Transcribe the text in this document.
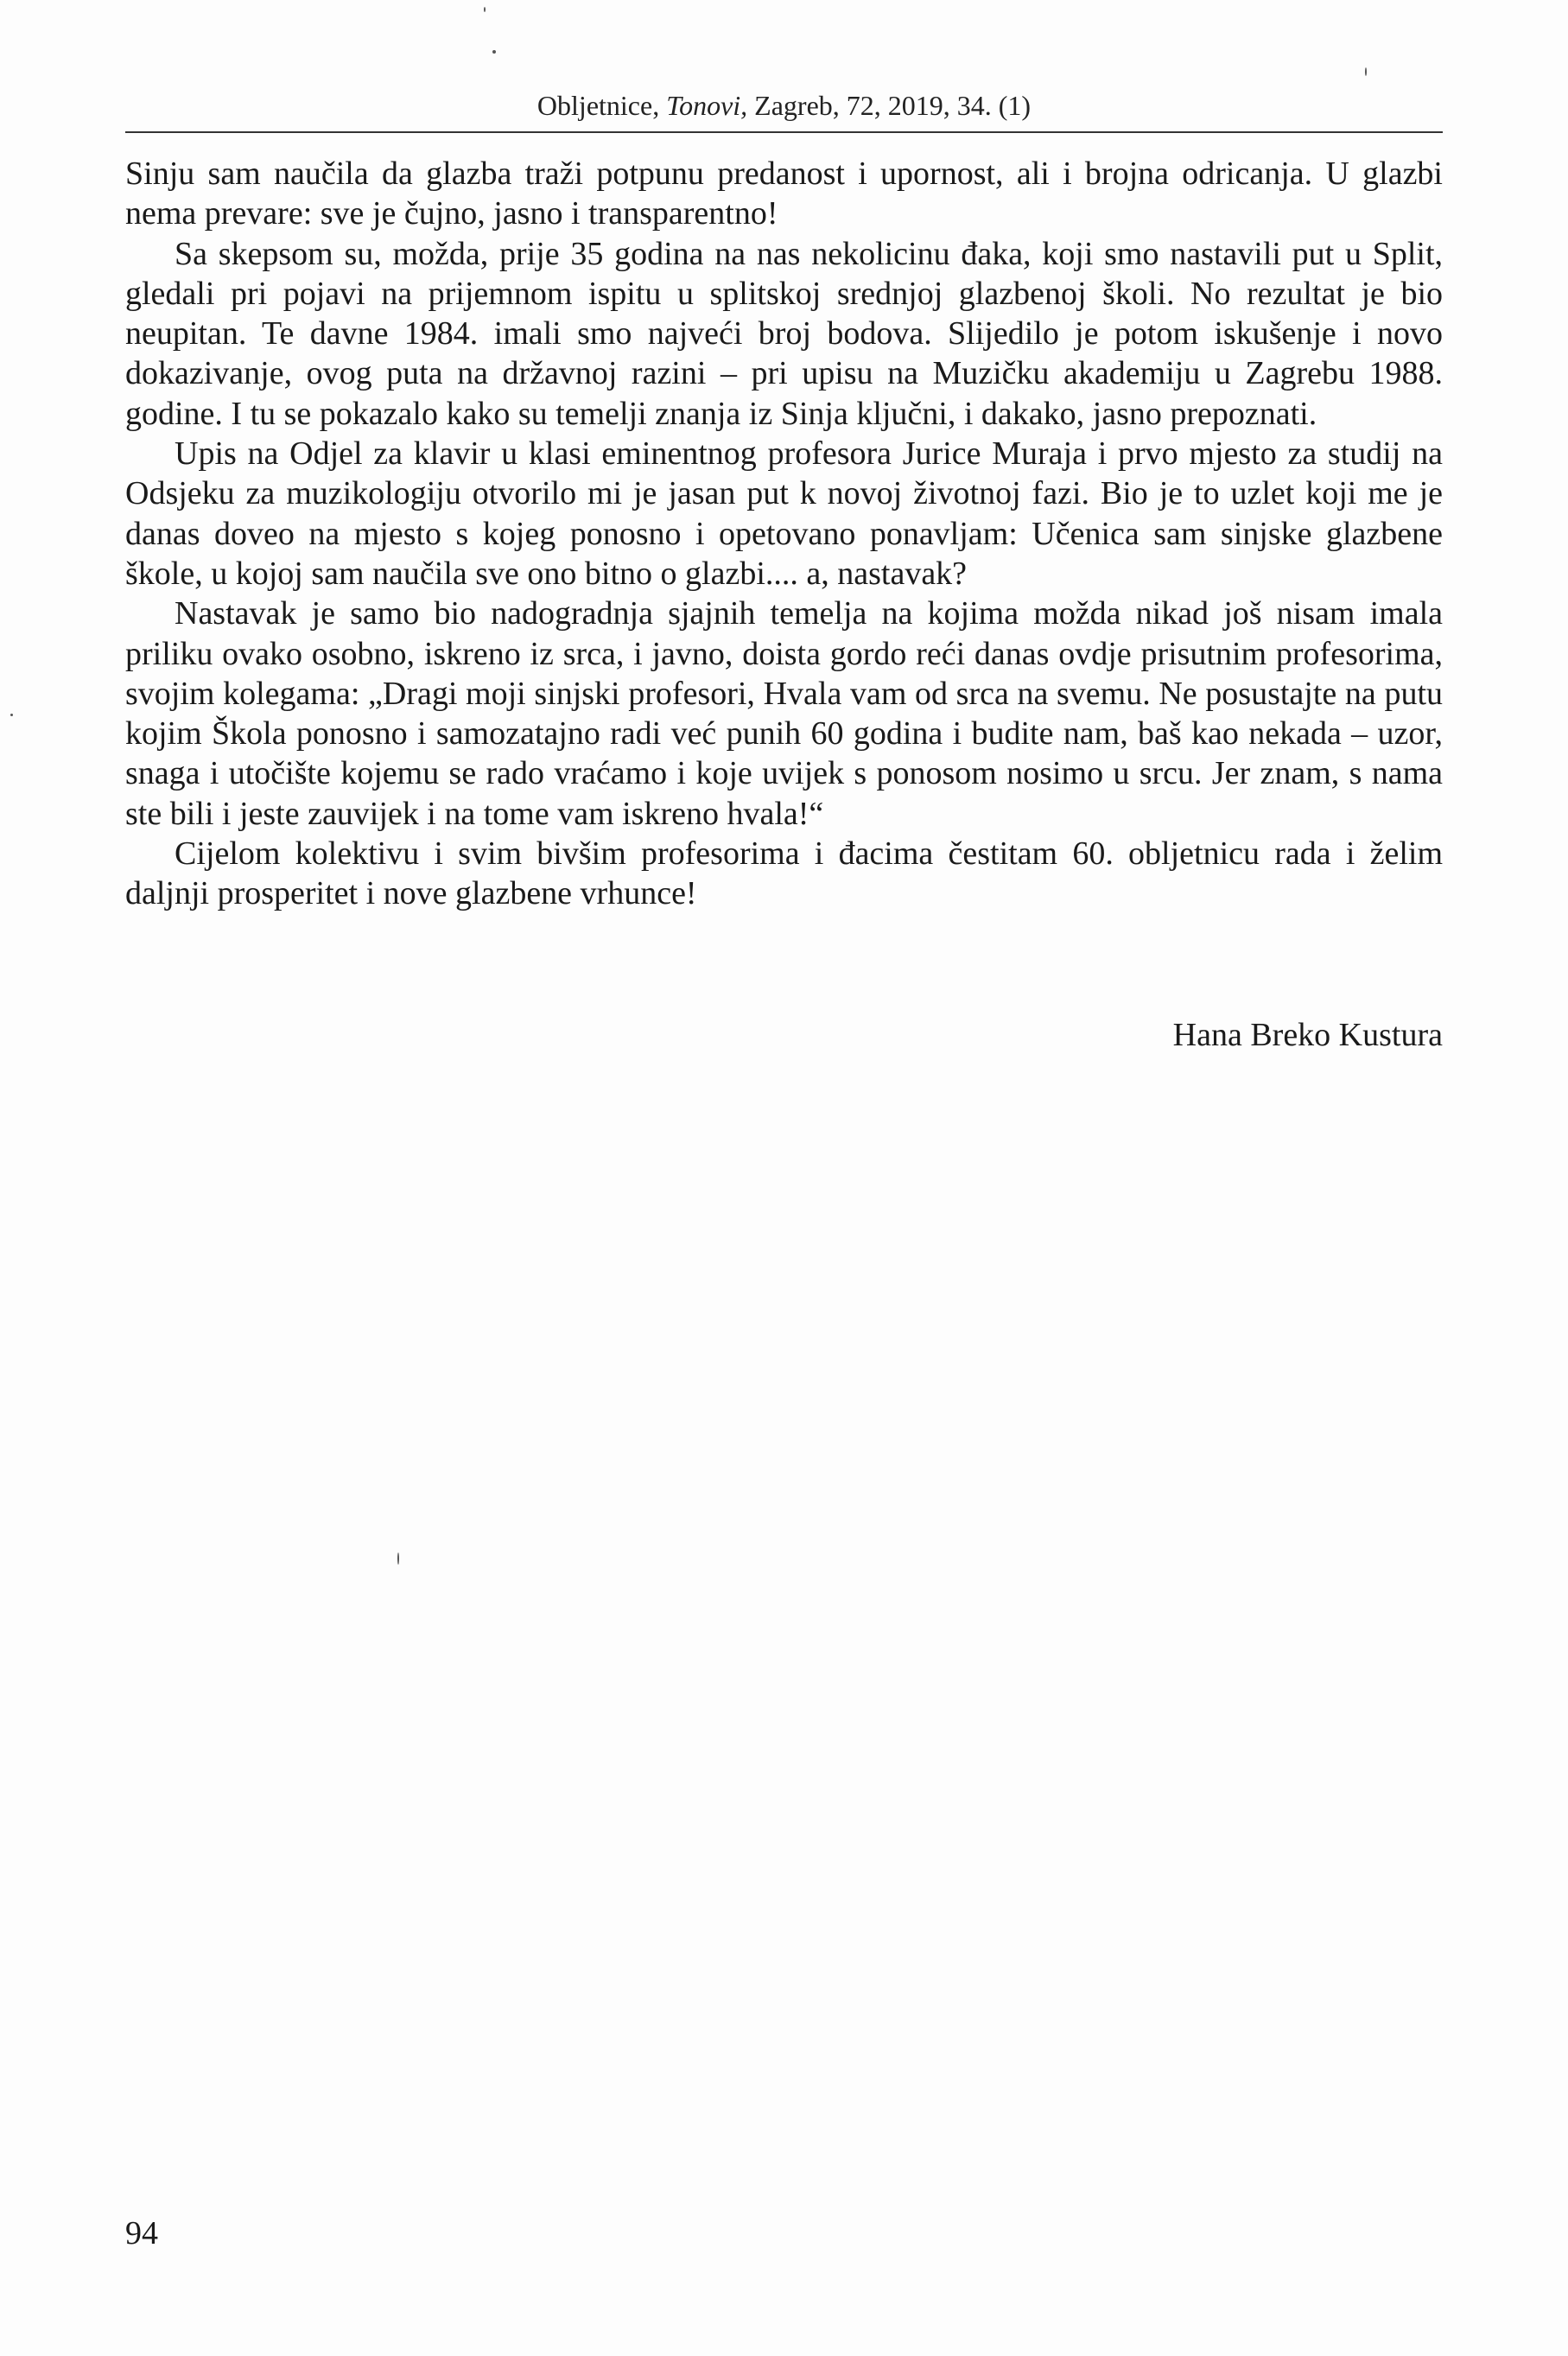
Obljetnice, Tonovi, Zagreb, 72, 2019, 34. (1)

Sinju sam naučila da glazba traži potpunu predanost i upornost, ali i brojna odricanja. U glazbi nema prevare: sve je čujno, jasno i transparentno!

Sa skepsom su, možda, prije 35 godina na nas nekolicinu đaka, koji smo nastavili put u Split, gledali pri pojavi na prijemnom ispitu u splitskoj srednjoj glazbenoj školi. No rezultat je bio neupitan. Te davne 1984. imali smo najveći broj bodova. Slijedilo je potom iskušenje i novo dokazivanje, ovog puta na državnoj razini – pri upisu na Muzičku akademiju u Zagrebu 1988. godine. I tu se pokazalo kako su temelji znanja iz Sinja ključni, i dakako, jasno prepoznati.

Upis na Odjel za klavir u klasi eminentnog profesora Jurice Muraja i prvo mjesto za studij na Odsjeku za muzikologiju otvorilo mi je jasan put k novoj životnoj fazi. Bio je to uzlet koji me je danas doveo na mjesto s kojeg ponosno i opetovano ponavljam: Učenica sam sinjske glazbene škole, u kojoj sam naučila sve ono bitno o glazbi.... a, nastavak?

Nastavak je samo bio nadogradnja sjajnih temelja na kojima možda nikad još nisam imala priliku ovako osobno, iskreno iz srca, i javno, doista gordo reći danas ovdje prisutnim profesorima, svojim kolegama: „Dragi moji sinjski profesori, Hvala vam od srca na svemu. Ne posustajte na putu kojim Škola ponosno i samozatajno radi već punih 60 godina i budite nam, baš kao nekada – uzor, snaga i utočište kojemu se rado vraćamo i koje uvijek s ponosom nosimo u srcu. Jer znam, s nama ste bili i jeste zauvijek i na tome vam iskreno hvala!“

Cijelom kolektivu i svim bivšim profesorima i đacima čestitam 60. obljetnicu rada i želim daljnji prosperitet i nove glazbene vrhunce!

Hana Breko Kustura
94
